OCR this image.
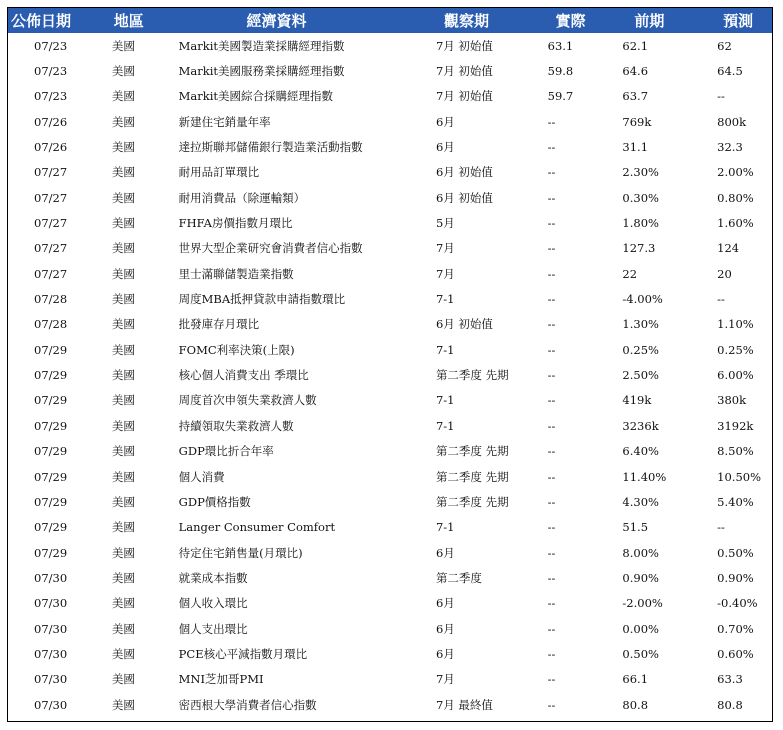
公佈日期	地區	經濟資料	觀察期	實際	前期	預測
07/23	美國	Markit美國製造業採購經理指數	7月 初始值	63.1	62.1	62
07/23	美國	Markit美國服務業採購經理指數	7月 初始值	59.8	64.6	64.5
07/23	美國	Markit美國綜合採購經理指數	7月 初始值	59.7	63.7	--
07/26	美國	新建住宅銷量年率	6月	--	769k	800k
07/26	美國	達拉斯聯邦儲備銀行製造業活動指數	6月	--	31.1	32.3
07/27	美國	耐用品訂單環比	6月 初始值	--	2.30%	2.00%
07/27	美國	耐用消費品（除運輸類）	6月 初始值	--	0.30%	0.80%
07/27	美國	FHFA房價指數月環比	5月	--	1.80%	1.60%
07/27	美國	世界大型企業研究會消費者信心指數	7月	--	127.3	124
07/27	美國	里士滿聯儲製造業指數	7月	--	22	20
07/28	美國	周度MBA抵押貸款申請指數環比	7-1	--	-4.00%	--
07/28	美國	批發庫存月環比	6月 初始值	--	1.30%	1.10%
07/29	美國	FOMC利率決策(上限)	7-1	--	0.25%	0.25%
07/29	美國	核心個人消費支出 季環比	第二季度 先期	--	2.50%	6.00%
07/29	美國	周度首次申領失業救濟人數	7-1	--	419k	380k
07/29	美國	持續領取失業救濟人數	7-1	--	3236k	3192k
07/29	美國	GDP環比折合年率	第二季度 先期	--	6.40%	8.50%
07/29	美國	個人消費	第二季度 先期	--	11.40%	10.50%
07/29	美國	GDP價格指數	第二季度 先期	--	4.30%	5.40%
07/29	美國	Langer Consumer Comfort	7-1	--	51.5	--
07/29	美國	待定住宅銷售量(月環比)	6月	--	8.00%	0.50%
07/30	美國	就業成本指數	第二季度	--	0.90%	0.90%
07/30	美國	個人收入環比	6月	--	-2.00%	-0.40%
07/30	美國	個人支出環比	6月	--	0.00%	0.70%
07/30	美國	PCE核心平減指數月環比	6月	--	0.50%	0.60%
07/30	美國	MNI芝加哥PMI	7月	--	66.1	63.3
07/30	美國	密西根大學消費者信心指數	7月 最終值	--	80.8	80.8
